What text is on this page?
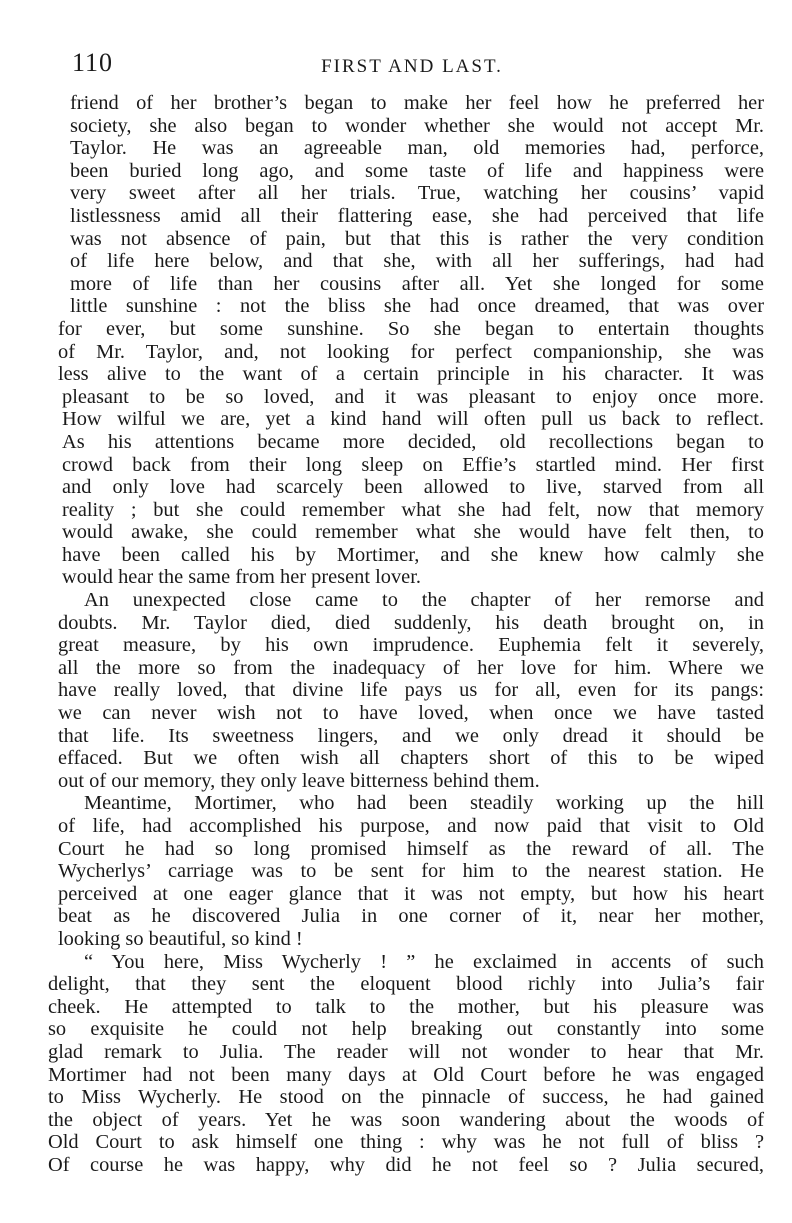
110	FIRST AND LAST.
friend of her brother’s began to make her feel how he preferred her
society, she also began to wonder whether she would not accept Mr.
Taylor. He was an agreeable man, old memories had, perforce,
been buried long ago, and some taste of life and happiness were
very sweet after all her trials. True, watching her cousins’ vapid
listlessness amid all their flattering ease, she had perceived that life
was not absence of pain, but that this is rather the very condition
of life here below, and that she, with all her sufferings, had had
more of life than her cousins after all. Yet she longed for some
little sunshine : not the bliss she had once dreamed, that was over
for ever, but some sunshine. So she began to entertain thoughts
of Mr. Taylor, and, not looking for perfect companionship, she was
less alive to the want of a certain principle in his character. It was
pleasant to be so loved, and it was pleasant to enjoy once more.
How wilful we are, yet a kind hand will often pull us back to reflect.
As his attentions became more decided, old recollections began to
crowd back from their long sleep on Effie’s startled mind. Her first
and only love had scarcely been allowed to live, starved from all
reality ; but she could remember what she had felt, now that memory
would awake, she could remember what she would have felt then, to
have been called his by Mortimer, and she knew how calmly she
would hear the same from her present lover.
An unexpected close came to the chapter of her remorse and
doubts. Mr. Taylor died, died suddenly, his death brought on, in
great measure, by his own imprudence. Euphemia felt it severely,
all the more so from the inadequacy of her love for him. Where we
have really loved, that divine life pays us for all, even for its pangs:
we can never wish not to have loved, when once we have tasted
that life. Its sweetness lingers, and we only dread it should be
effaced. But we often wish all chapters short of this to be wiped
out of our memory, they only leave bitterness behind them.
Meantime, Mortimer, who had been steadily working up the hill
of life, had accomplished his purpose, and now paid that visit to Old
Court he had so long promised himself as the reward of all. The
Wycherlys’ carriage was to be sent for him to the nearest station. He
perceived at one eager glance that it was not empty, but how his heart
beat as he discovered Julia in one corner of it, near her mother,
looking so beautiful, so kind !
“ You here, Miss Wycherly ! ” he exclaimed in accents of such
delight, that they sent the eloquent blood richly into Julia’s fair
cheek. He attempted to talk to the mother, but his pleasure was
so exquisite he could not help breaking out constantly into some
glad remark to Julia. The reader will not wonder to hear that Mr.
Mortimer had not been many days at Old Court before he was engaged
to Miss Wycherly. He stood on the pinnacle of success, he had gained
the object of years. Yet he was soon wandering about the woods of
Old Court to ask himself one thing : why was he not full of bliss ?
Of course he was happy, why did he not feel so ? Julia secured,
